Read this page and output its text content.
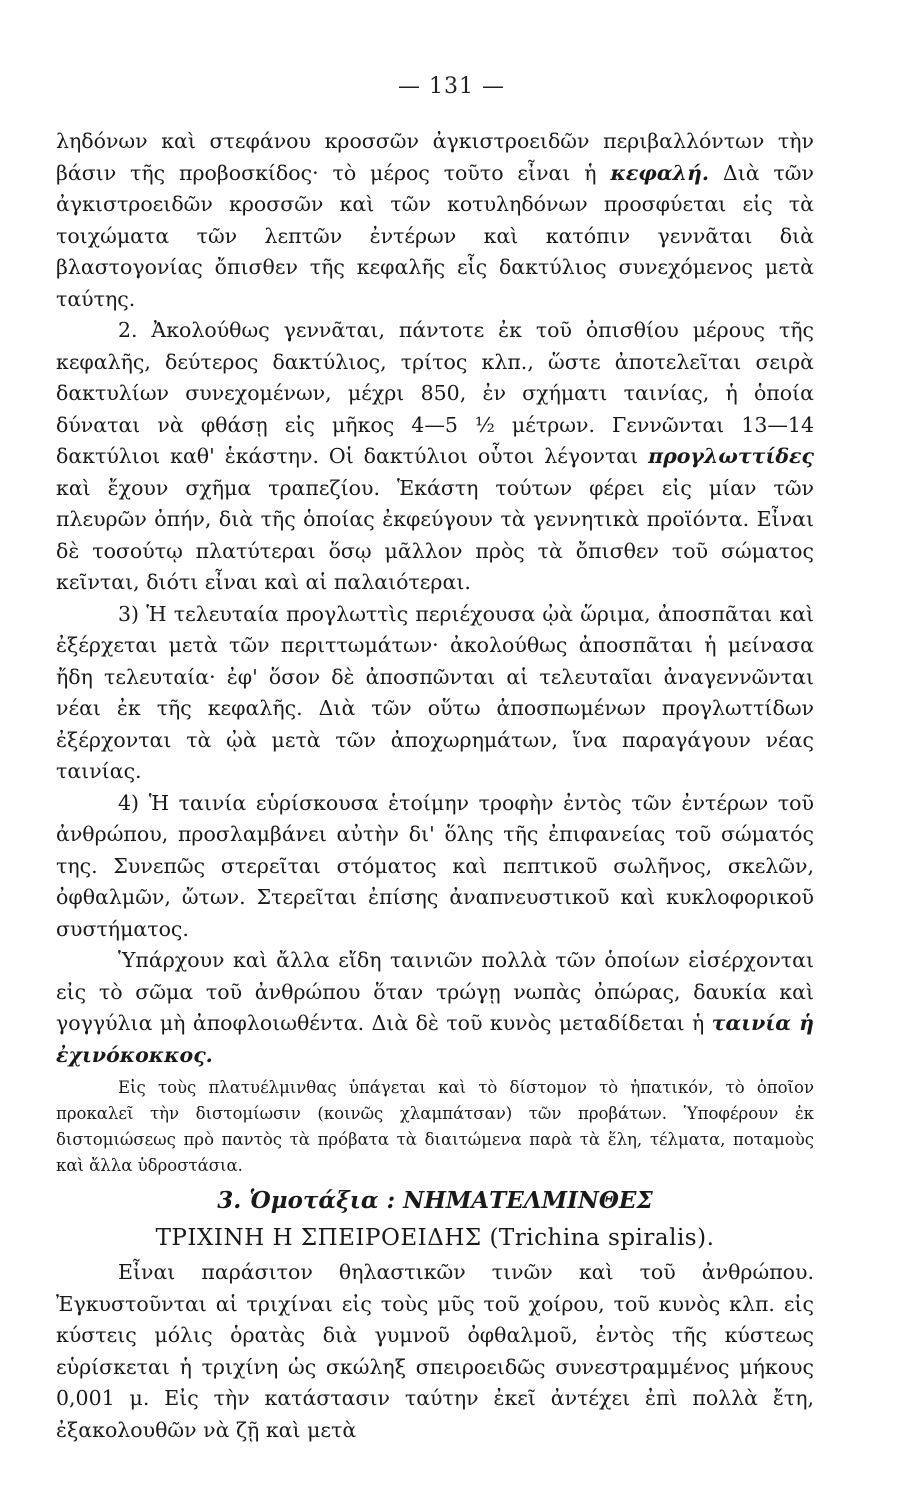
— 131 —

ληδόνων καὶ στεφάνου κροσσῶν ἀγκιστροειδῶν περιβαλλόντων τὴν βάσιν τῆς προβοσκίδος· τὸ μέρος τοῦτο εἶναι ἡ κεφαλή. Διὰ τῶν ἀγκιστροειδῶν κροσσῶν καὶ τῶν κοτυληδόνων προσφύεται εἰς τὰ τοιχώματα τῶν λεπτῶν ἐντέρων καὶ κατόπιν γεννᾶται διὰ βλαστογονίας ὄπισθεν τῆς κεφαλῆς εἷς δακτύλιος συνεχόμενος μετὰ ταύτης.

2. Ἀκολούθως γεννᾶται, πάντοτε ἐκ τοῦ ὀπισθίου μέρους τῆς κεφαλῆς, δεύτερος δακτύλιος, τρίτος κλπ., ὥστε ἀποτελεῖται σειρὰ δακτυλίων συνεχομένων, μέχρι 850, ἐν σχήματι ταινίας, ἡ ὁποία δύναται νὰ φθάσῃ εἰς μῆκος 4—5 ½ μέτρων. Γεννῶνται 13—14 δακτύλιοι καθ' ἑκάστην. Οἱ δακτύλιοι οὗτοι λέγονται προγλωττίδες καὶ ἔχουν σχῆμα τραπεζίου. Ἑκάστη τούτων φέρει εἰς μίαν τῶν πλευρῶν ὀπήν, διὰ τῆς ὁποίας ἐκφεύγουν τὰ γεννητικὰ προϊόντα. Εἶναι δὲ τοσούτῳ πλατύτεραι ὅσῳ μᾶλλον πρὸς τὰ ὄπισθεν τοῦ σώματος κεῖνται, διότι εἶναι καὶ αἱ παλαιότεραι.

3) Ἡ τελευταία προγλωττὶς περιέχουσα ᾠὰ ὥριμα, ἀποσπᾶται καὶ ἐξέρχεται μετὰ τῶν περιττωμάτων· ἀκολούθως ἀποσπᾶται ἡ μείνασα ἤδη τελευταία· ἐφ' ὅσον δὲ ἀποσπῶνται αἱ τελευταῖαι ἀναγεννῶνται νέαι ἐκ τῆς κεφαλῆς. Διὰ τῶν οὕτω ἀποσπωμένων προγλωττίδων ἐξέρχονται τὰ ᾠὰ μετὰ τῶν ἀποχωρημάτων, ἵνα παραγάγουν νέας ταινίας.

4) Ἡ ταινία εὑρίσκουσα ἑτοίμην τροφὴν ἐντὸς τῶν ἐντέρων τοῦ ἀνθρώπου, προσλαμβάνει αὐτὴν δι' ὅλης τῆς ἐπιφανείας τοῦ σώματός της. Συνεπῶς στερεῖται στόματος καὶ πεπτικοῦ σωλῆνος, σκελῶν, ὀφθαλμῶν, ὤτων. Στερεῖται ἐπίσης ἀναπνευστικοῦ καὶ κυκλοφορικοῦ συστήματος.

Ὑπάρχουν καὶ ἄλλα εἴδη ταινιῶν πολλὰ τῶν ὁποίων εἰσέρχονται εἰς τὸ σῶμα τοῦ ἀνθρώπου ὅταν τρώγῃ νωπὰς ὀπώρας, δαυκία καὶ γογγύλια μὴ ἀποφλοιωθέντα. Διὰ δὲ τοῦ κυνὸς μεταδίδεται ἡ ταινία ἡ ἐχινόκοκκος.

Εἰς τοὺς πλατυέλμινθας ὑπάγεται καὶ τὸ δίστομον τὸ ἡπατικόν, τὸ ὁποῖον προκαλεῖ τὴν διστομίωσιν (κοινῶς χλαμπάτσαν) τῶν προβάτων. Ὑποφέρουν ἐκ διστομιώσεως πρὸ παντὸς τὰ πρόβατα τὰ διαιτώμενα παρὰ τὰ ἕλη, τέλματα, ποταμοὺς καὶ ἄλλα ὑδροστάσια.

3. Ὁμοτάξια : ΝΗΜΑΤΕΛΜΙΝΘΕΣ

ΤΡΙΧΙΝΗ Η ΣΠΕΙΡΟΕΙΔΗΣ (Trichina spiralis).

Εἶναι παράσιτον θηλαστικῶν τινῶν καὶ τοῦ ἀνθρώπου. Ἐγκυστοῦνται αἱ τριχίναι εἰς τοὺς μῦς τοῦ χοίρου, τοῦ κυνὸς κλπ. εἰς κύστεις μόλις ὁρατὰς διὰ γυμνοῦ ὀφθαλμοῦ, ἐντὸς τῆς κύστεως εὑρίσκεται ἡ τριχίνη ὡς σκώληξ σπειροειδῶς συνεστραμμένος μήκους 0,001 μ. Εἰς τὴν κατάστασιν ταύτην ἐκεῖ ἀντέχει ἐπὶ πολλὰ ἔτη, ἐξακολουθῶν νὰ ζῇ καὶ μετὰ
